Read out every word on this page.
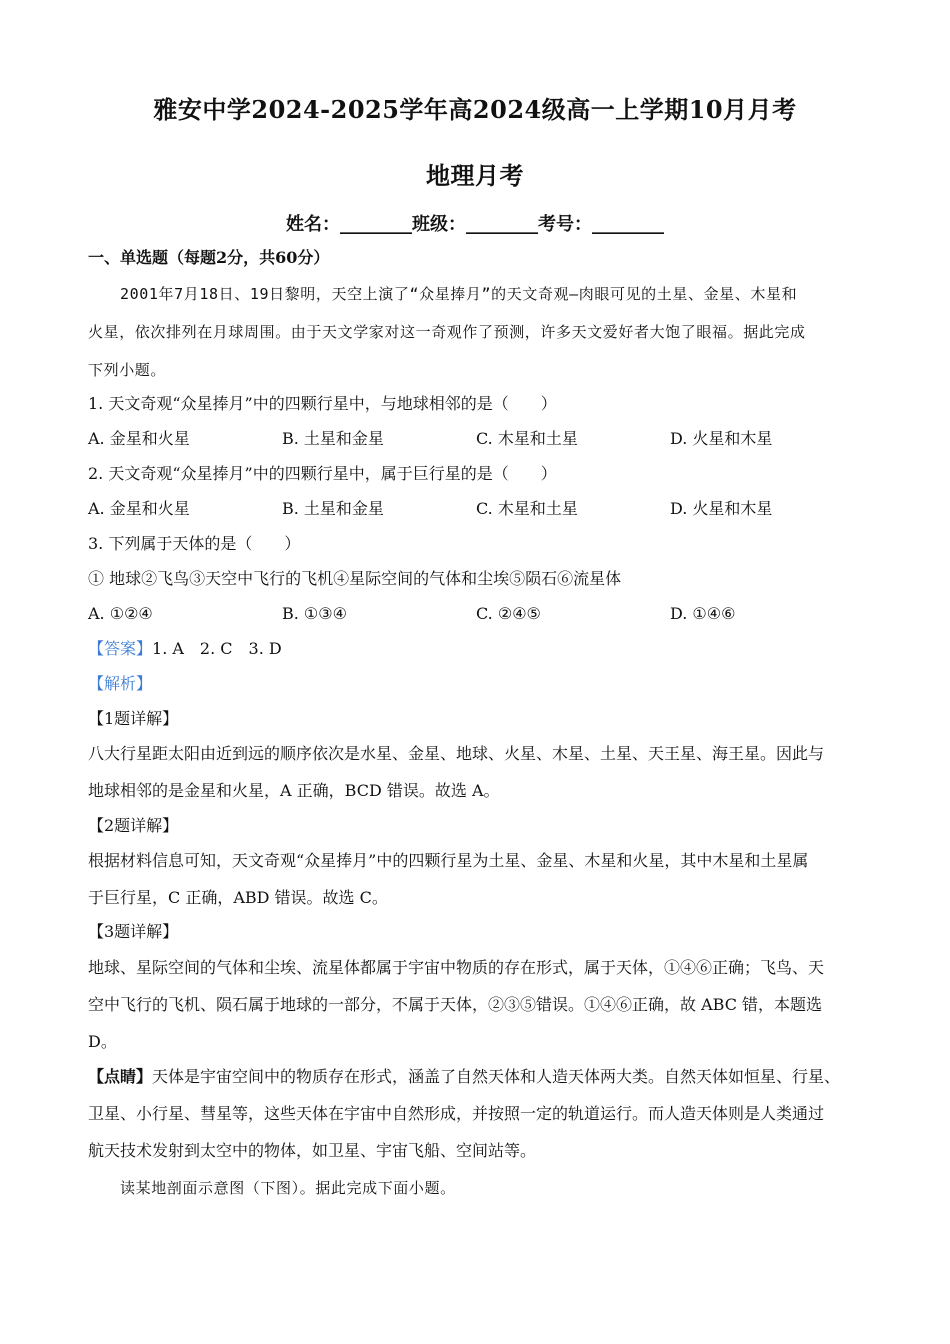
雅安中学2024-2025学年高2024级高一上学期10月月考
地理月考
姓名：________班级：________考号：________
一、单选题（每题2分，共60分）
2001年7月18日、19日黎明，天空上演了“众星捧月”的天文奇观—肉眼可见的土星、金星、木星和
火星，依次排列在月球周围。由于天文学家对这一奇观作了预测，许多天文爱好者大饱了眼福。据此完成
下列小题。
1. 天文奇观“众星捧月”中的四颗行星中，与地球相邻的是（　　）
A. 金星和火星	B. 土星和金星	C. 木星和土星	D. 火星和木星
2. 天文奇观“众星捧月”中的四颗行星中，属于巨行星的是（　　）
A. 金星和火星	B. 土星和金星	C. 木星和土星	D. 火星和木星
3. 下列属于天体的是（　　）
① 地球②飞鸟③天空中飞行的飞机④星际空间的气体和尘埃⑤陨石⑥流星体
A. ①②④	B. ①③④	C. ②④⑤	D. ①④⑥
【答案】1. A　2. C　3. D
【解析】
【1题详解】
八大行星距太阳由近到远的顺序依次是水星、金星、地球、火星、木星、土星、天王星、海王星。因此与
地球相邻的是金星和火星，A 正确，BCD 错误。故选 A。
【2题详解】
根据材料信息可知，天文奇观“众星捧月”中的四颗行星为土星、金星、木星和火星，其中木星和土星属
于巨行星，C 正确，ABD 错误。故选 C。
【3题详解】
地球、星际空间的气体和尘埃、流星体都属于宇宙中物质的存在形式，属于天体，①④⑥正确；飞鸟、天
空中飞行的飞机、陨石属于地球的一部分，不属于天体，②③⑤错误。①④⑥正确，故 ABC 错，本题选
D。
【点睛】天体是宇宙空间中的物质存在形式，涵盖了自然天体和人造天体两大类。自然天体如恒星、行星、
卫星、小行星、彗星等，这些天体在宇宙中自然形成，并按照一定的轨道运行。而人造天体则是人类通过
航天技术发射到太空中的物体，如卫星、宇宙飞船、空间站等。
读某地剖面示意图（下图）。据此完成下面小题。
